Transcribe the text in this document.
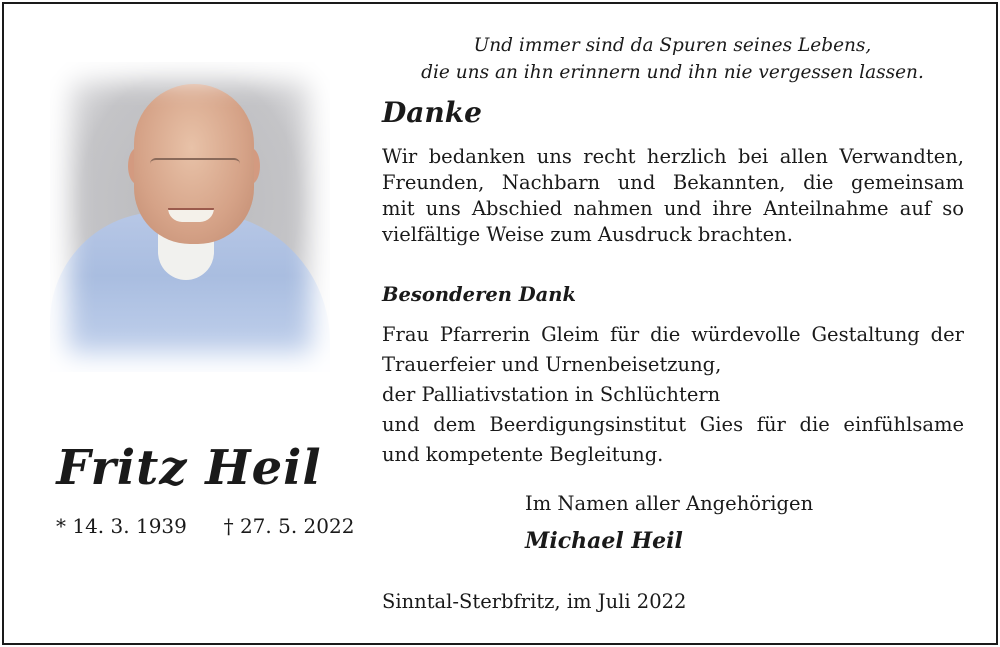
Fritz Heil
* 14. 3. 1939 † 27. 5. 2022
Und immer sind da Spuren seines Lebens,
die uns an ihn erinnern und ihn nie vergessen lassen.
Danke
Wir bedanken uns recht herzlich bei allen Verwandten,
Freunden, Nachbarn und Bekannten, die gemeinsam
mit uns Abschied nahmen und ihre Anteilnahme auf so
vielfältige Weise zum Ausdruck brachten.
Besonderen Dank
Frau Pfarrerin Gleim für die würdevolle Gestaltung der
Trauerfeier und Urnenbeisetzung,
der Palliativstation in Schlüchtern
und dem Beerdigungsinstitut Gies für die einfühlsame
und kompetente Begleitung.
Im Namen aller Angehörigen
Michael Heil
Sinntal-Sterbfritz, im Juli 2022
